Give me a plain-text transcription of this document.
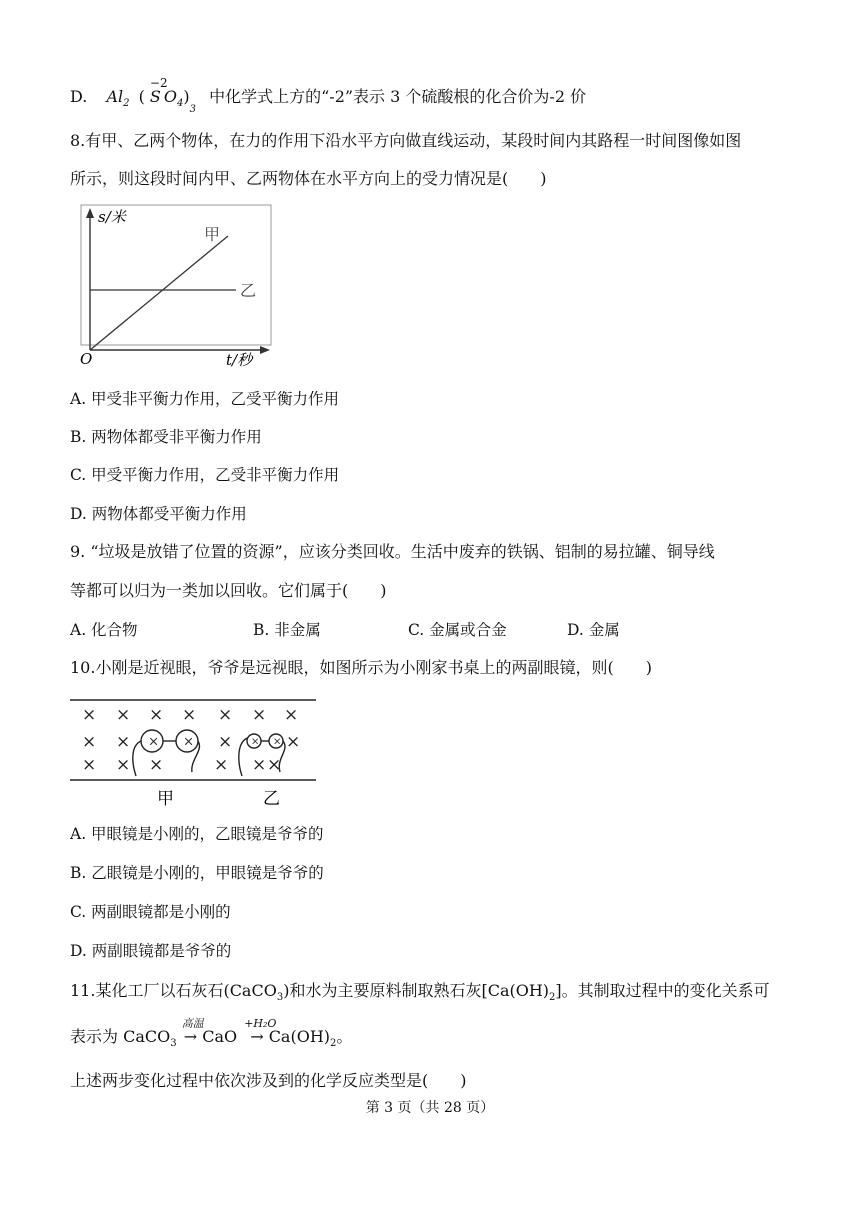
D. $Al_2$ (
−2
S $O_4)_3$ 中化学式上方的“-2”表示 3 个硫酸根的化合价为-2 价
8.有甲、乙两个物体，在力的作用下沿水平方向做直线运动，某段时间内其路程一时间图像如图
所示，则这段时间内甲、乙两物体在水平方向上的受力情况是(　　)
s/米
甲
乙
O	t/秒
A. 甲受非平衡力作用，乙受平衡力作用
B. 两物体都受非平衡力作用
C. 甲受平衡力作用，乙受非平衡力作用
D. 两物体都受平衡力作用
9. “垃圾是放错了位置的资源”，应该分类回收。生活中废弃的铁锅、铝制的易拉罐、铜导线
等都可以归为一类加以回收。它们属于(　　)
A. 化合物	B. 非金属	C. 金属或合金	D. 金属
10.小刚是近视眼，爷爷是远视眼，如图所示为小刚家书桌上的两副眼镜，则(　　)
× × × × × × ×
× ×	×	×
× × ×	× × ×
× ×	× ×
甲	乙
A. 甲眼镜是小刚的，乙眼镜是爷爷的
B. 乙眼镜是小刚的，甲眼镜是爷爷的
C. 两副眼镜都是小刚的
D. 两副眼镜都是爷爷的
11.某化工厂以石灰石(CaCO$_3$)和水为主要原料制取熟石灰$[Ca(OH)_2]$。其制取过程中的变化关系可
表示为 CaCO$_3$
高温
→ CaO
+H₂O
→ $Ca(OH)_2$。
上述两步变化过程中依次涉及到的化学反应类型是(　　)
第 3 页（共 28 页）
